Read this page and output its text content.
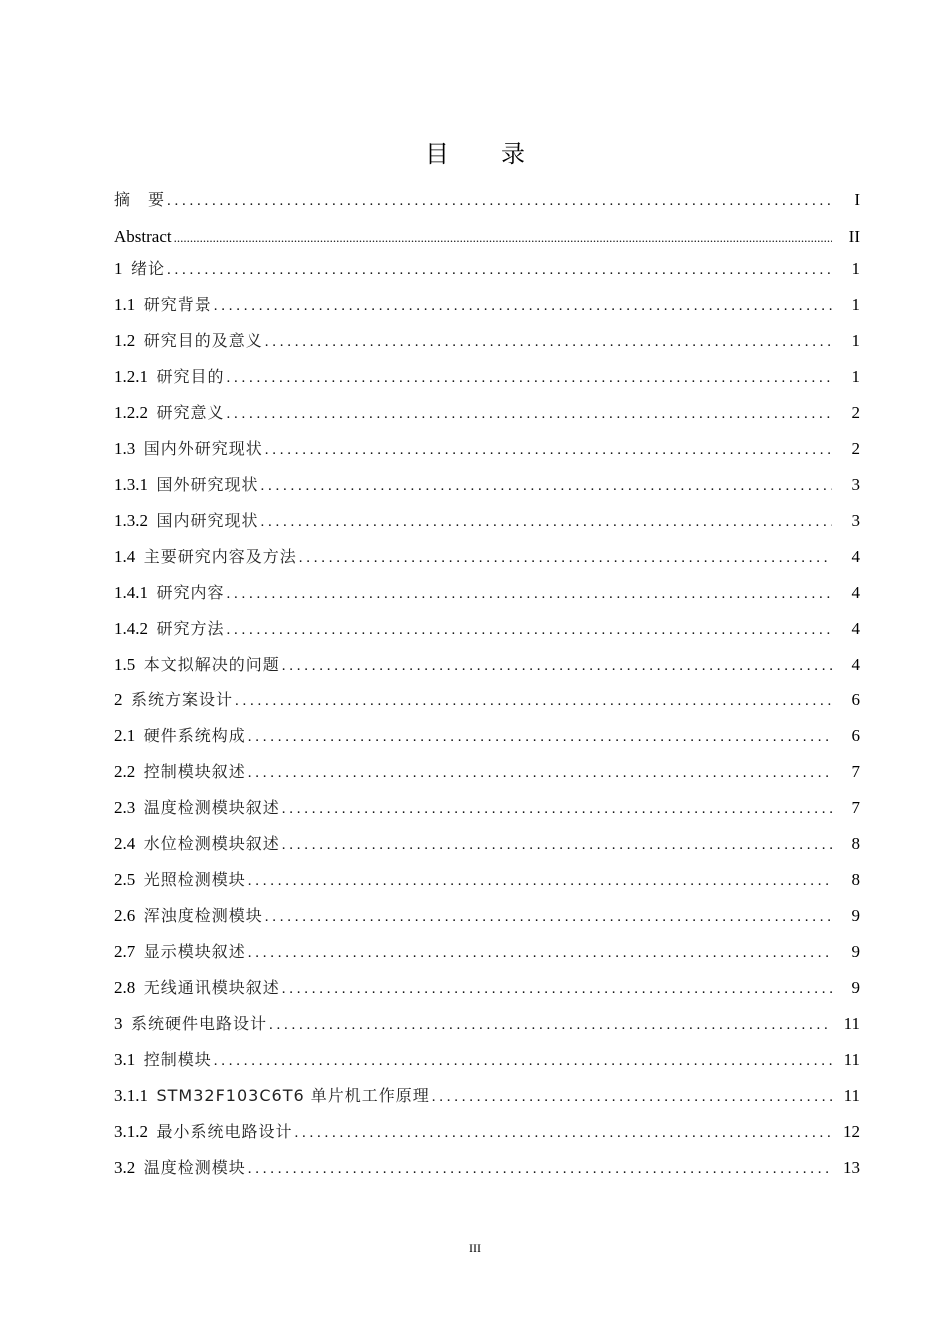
目 录
摘　要 . . .	I
Abstract .....	II
1 绪论 . . .	1
1.1 研究背景 . . .	1
1.2 研究目的及意义 . . .	1
1.2.1 研究目的 . . .	1
1.2.2 研究意义 . . .	2
1.3 国内外研究现状 . . .	2
1.3.1 国外研究现状 . . .	3
1.3.2 国内研究现状 . . .	3
1.4 主要研究内容及方法 . . .	4
1.4.1 研究内容 . . .	4
1.4.2 研究方法 . . .	4
1.5 本文拟解决的问题 . . .	4
2 系统方案设计 . . .	6
2.1 硬件系统构成 . . .	6
2.2 控制模块叙述 . . .	7
2.3 温度检测模块叙述 . . .	7
2.4 水位检测模块叙述 . . .	8
2.5 光照检测模块 . . .	8
2.6 浑浊度检测模块 . . .	9
2.7 显示模块叙述 . . .	9
2.8 无线通讯模块叙述 . . .	9
3 系统硬件电路设计 . . .	11
3.1 控制模块 . . .	11
3.1.1 STM32F103C6T6 单片机工作原理 . . .	11
3.1.2 最小系统电路设计 . . .	12
3.2 温度检测模块 . . .	13
III
